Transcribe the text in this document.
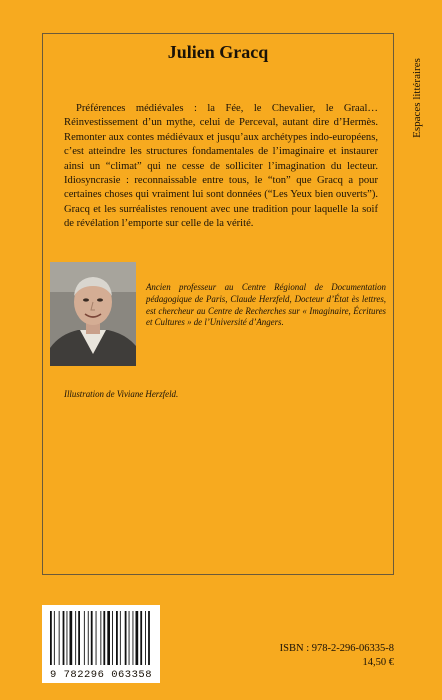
Espaces littéraires
Julien Gracq

Préférences médiévales : la Fée, le Chevalier, le Graal… Réinvestissement d’un mythe, celui de Perceval, autant dire d’Hermès. Remonter aux contes médiévaux et jusqu’aux archétypes indo-européens, c’est atteindre les structures fondamentales de l’imaginaire et instaurer ainsi un “climat” qui ne cesse de solliciter l’imagination du lecteur. Idiosyncrasie : reconnaissable entre tous, le “ton” que Gracq a pour certaines choses qui vraiment lui sont données (“Les Yeux bien ouverts”). Gracq et les surréalistes renouent avec une tradition pour laquelle la soif de révélation l’emporte sur celle de la vérité.

Ancien professeur au Centre Régional de Documentation pédagogique de Paris, Claude Herzfeld, Docteur d’État ès lettres, est chercheur au Centre de Recherches sur « Imaginaire, Écritures et Cultures » de l’Université d’Angers.
Illustration de Viviane Herzfeld.
9 782296 063358
ISBN : 978-2-296-06335-8
14,50 €
